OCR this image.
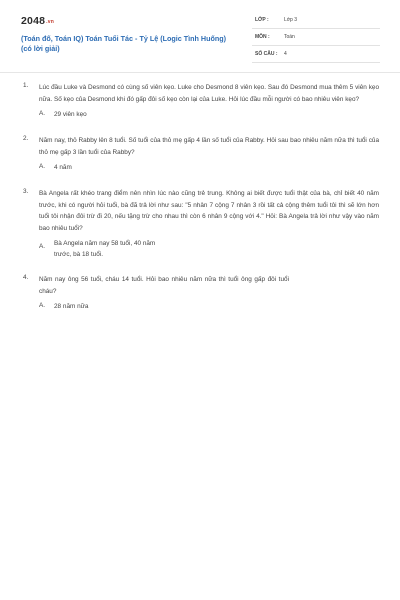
2048.vn
(Toán đố, Toán IQ) Toán Tuổi Tác - Tỷ Lệ (Logic Tình Huống) (có lời giải)
LỚP :	Lớp 3
MÔN :	Toán
SỐ CÂU : 4
1. Lúc đầu Luke và Desmond có cùng số viên kẹo. Luke cho Desmond 8 viên kẹo. Sau đó Desmond mua thêm 5 viên kẹo nữa. Số kẹo của Desmond khi đó gấp đôi số kẹo còn lại của Luke. Hỏi lúc đầu mỗi người có bao nhiêu viên kẹo?
A. 29 viên kẹo
2. Năm nay, thỏ Rabby lên 8 tuổi. Số tuổi của thỏ mẹ gấp 4 lần số tuổi của Rabby. Hỏi sau bao nhiêu năm nữa thì tuổi của thỏ mẹ gấp 3 lần tuổi của Rabby?
A. 4 năm
3. Bà Angela rất khéo trang điểm nên nhìn lúc nào cũng trẻ trung. Không ai biết được tuổi thật của bà, chỉ biết 40 năm trước, khi có người hỏi tuổi, bà đã trả lời như sau: "5 nhân 7 cộng 7 nhân 3 rồi tất cả cộng thêm tuổi tôi thì sẽ lớn hơn tuổi tôi nhận đôi trừ đi 20, nếu tặng trừ cho nhau thì còn 6 nhân 9 cộng với 4." Hỏi: Bà Angela trả lời như vậy vào năm bao nhiêu tuổi?
A. Bà Angela năm nay 58 tuổi, 40 năm trước, bà 18 tuổi.
4. Năm nay ông 56 tuổi, cháu 14 tuổi. Hỏi bao nhiêu năm nữa thì tuổi ông gấp đôi tuổi cháu?
A. 28 năm nữa
